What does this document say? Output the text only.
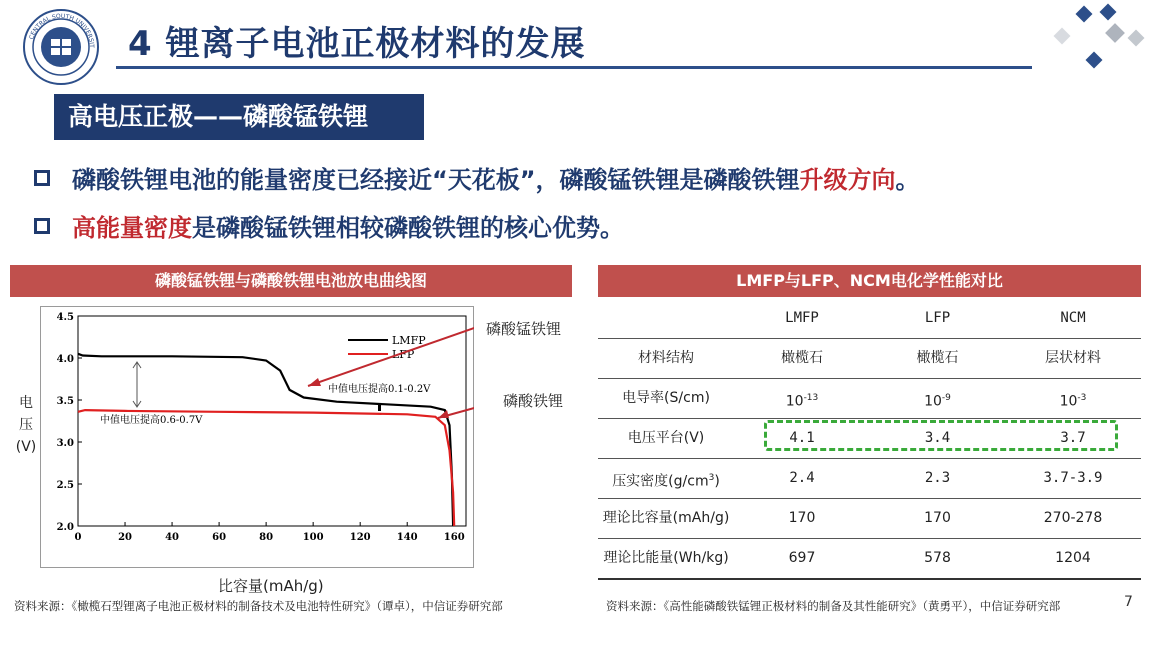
CENTRAL SOUTH UNIVERSIT 4 锂离子电池正极材料的发展
高电压正极——磷酸锰铁锂
磷酸铁锂电池的能量密度已经接近“天花板”，磷酸锰铁锂是磷酸铁锂升级方向。
高能量密度是磷酸锰铁锂相较磷酸铁锂的核心优势。
磷酸锰铁锂与磷酸铁锂电池放电曲线图
0	20	40	60	80	100	120	140	160
2.0
2.5
3.0
3.5
4.0
4.5
LMFP
LFP
中值电压提高0.1-0.2V
中值电压提高0.6-0.7V
电
压
(V)
比容量(mAh/g)
磷酸锰铁锂
磷酸铁锂
资料来源：《橄榄石型锂离子电池正极材料的制备技术及电池特性研究》（谭卓），中信证券研究部
LMFP与LFP、NCM电化学性能对比
LMFP	LFP	NCM
材料结构	橄榄石	橄榄石	层状材料
电导率(S/cm)	$10^{-13}$	$10^{-9}$	$10^{-3}$
电压平台(V)	4.1	3.4	3.7
压实密度$(g/cm^3)$	2.4	2.3	3.7-3.9
理论比容量(mAh/g)	170	170	270-278
理论比能量(Wh/kg)	697	578	1204
资料来源：《高性能磷酸铁锰锂正极材料的制备及其性能研究》（黄勇平），中信证券研究部	7
